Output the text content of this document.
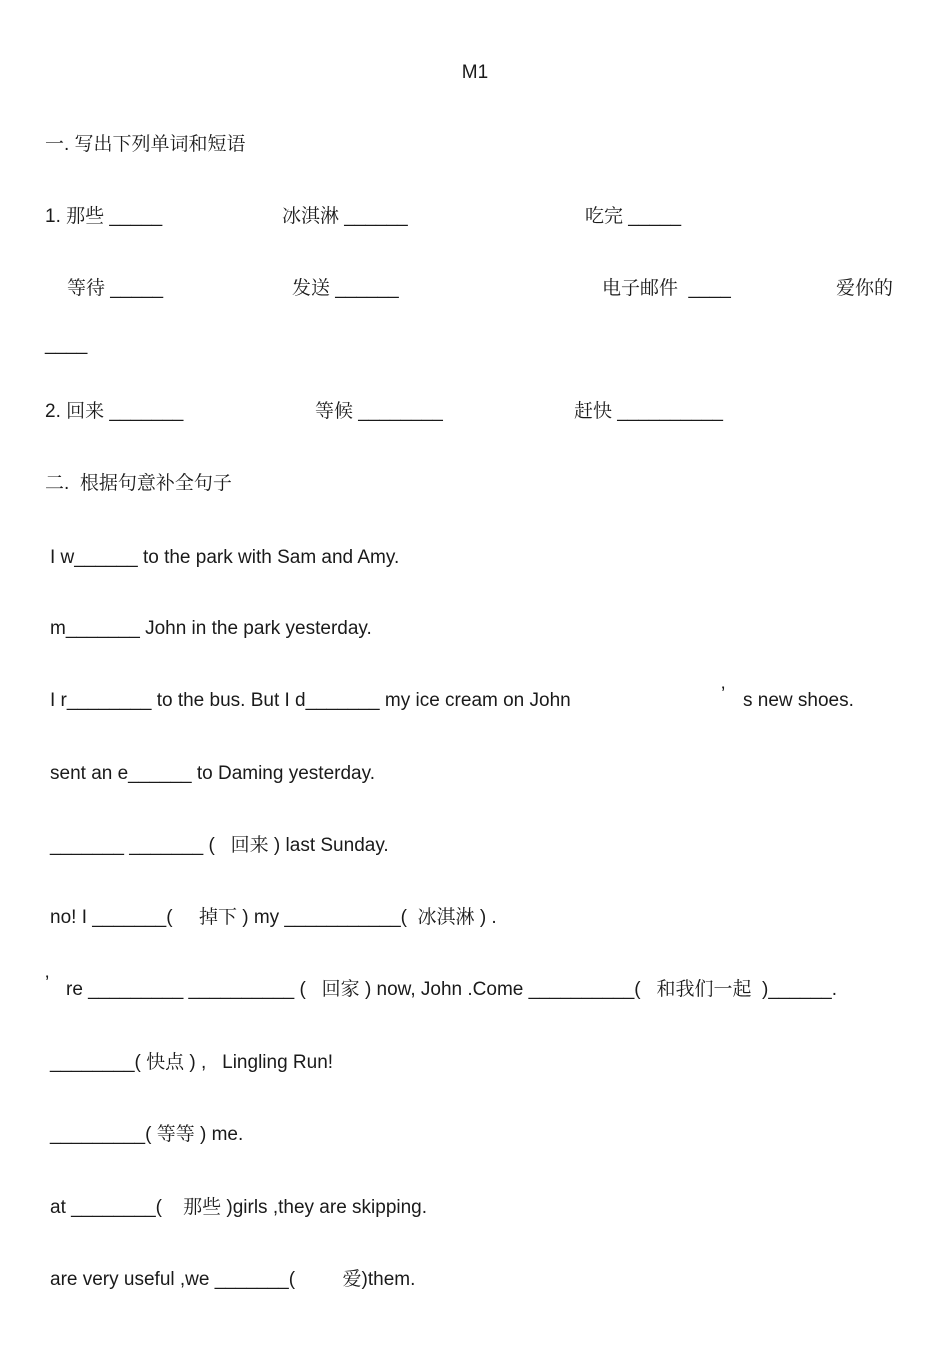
M1
一. 写出下列单词和短语
1. 那些 _____	冰淇淋 ______	吃完 _____
等待 _____	发送 ______	电子邮件  ____	爱你的
____
2. 回来 _______	等候 ________	赶快 __________
二.  根据句意补全句子
I w______ to the park with Sam and Amy.
m_______ John in the park yesterday.
I r________ to the bus. But I d_______ my ice cream on John	’ s new shoes.
sent an e______ to Daming yesterday.
_______ _______ (   回来 ) last Sunday.
no! I _______(     掉下 ) my ___________(  冰淇淋 ) .
’ re _________ __________ (   回家 ) now, John .Come __________(   和我们一起  )______.
________( 快点 ) ,   Lingling Run!
_________( 等等 ) me.
at ________(    那些 )girls ,they are skipping.
are very useful ,we _______(         爱)them.
